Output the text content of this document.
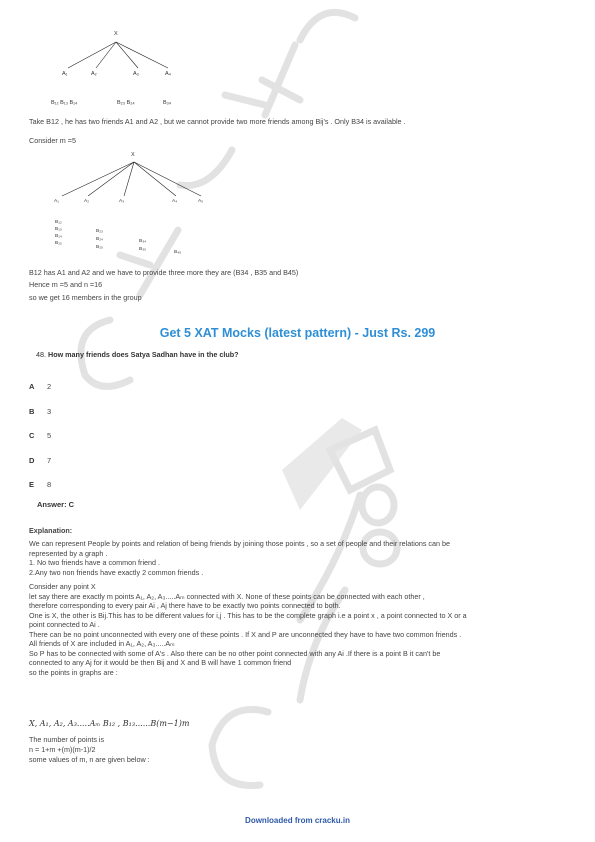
X
A₁	A₂	A₃	A₄
B₁₂ B₁₃ B₁₄	B₂₃ B₂₄	B₃₄
Take B12 , he has two friends A1 and A2 , but we cannot provide two more friends among Bij's . Only B34 is available .
Consider m =5
X
A₁	A₂	A₃	A₄	A₅
B₁₂
B₁₃
B₁₄
B₁₅
B₂₃
B₂₄
B₂₅
B₃₄
B₃₅
B₄₅
B12 has A1 and A2 and we have to provide three more they are (B34 , B35 and B45)
Hence m =5 and n =16
so we get 16 members in the group
Get 5 XAT Mocks (latest pattern) - Just Rs. 299
48. How many friends does Satya Sadhan have in the club?
A 2
B 3
C 5
D 7
E 8
Answer: C
Explanation:
We can represent People by points and relation of being friends by joining those points , so a set of people and their relations can be
represented by a graph .
1. No two friends have a common friend .
2.Any two non friends have exactly 2 common friends .
Consider any point X
let say there are exactly m points A₁, A₂, A₃.....Aₘ connected with X. None of these points can be connected with each other ,
therefore corresponding to every pair Ai , Aj there have to be exactly two points connected to both.
One is X, the other is Bij.This has to be different values for i,j . This has to be the complete graph i.e a point x , a point connected to X or a
point connected to Ai .
There can be no point unconnected with every one of these points . If X and P are unconnected they have to have two common friends .
All friends of X are included in A₁, A₂, A₃.....Aₘ
So P has to be connected with some of A's . Also there can be no other point connected with any Ai .If there is a point B it can't be
connected to any Aj for it would be then Bij and X and B will have 1 common friend
so the points in graphs are :
X, A₁, A₂, A₃.....Aₘ B₁₂ , B₁₃......B(m−1)m
The number of points is
n = 1+m +(m)(m-1)/2
some values of m, n are given below :
Downloaded from cracku.in
